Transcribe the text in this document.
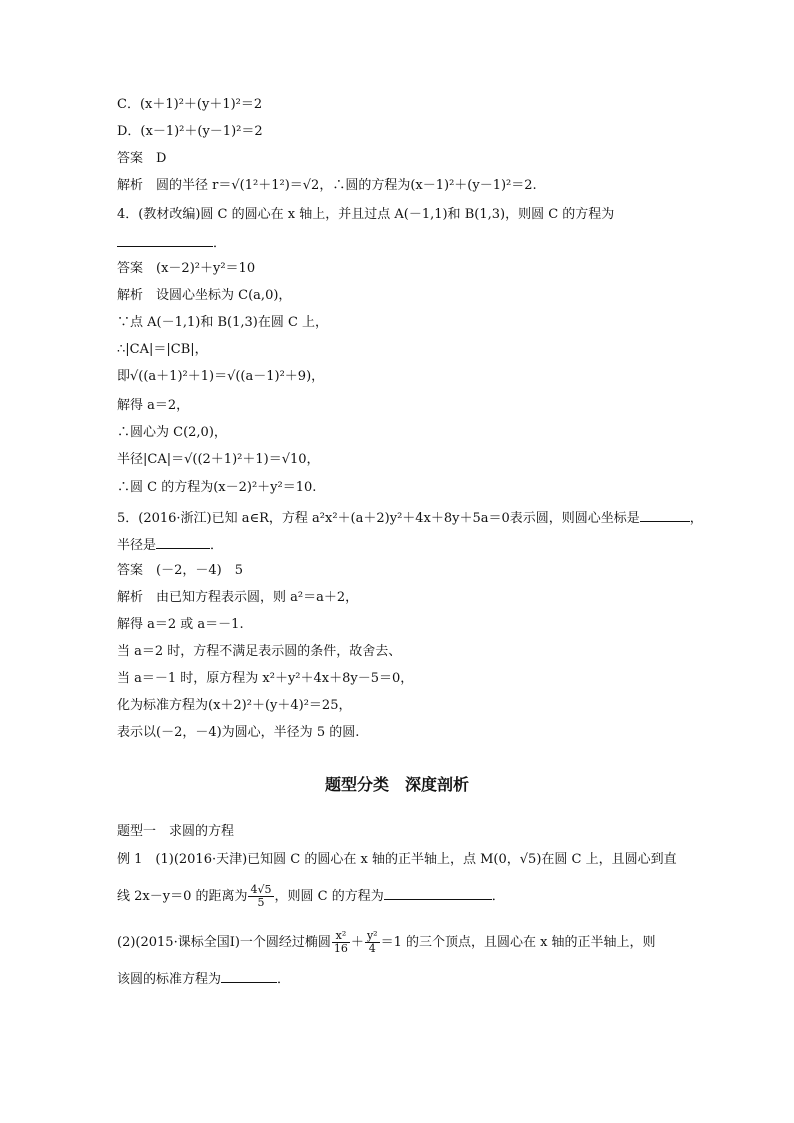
C．(x＋1)²＋(y＋1)²＝2
D．(x－1)²＋(y－1)²＝2
答案　 D
解析　 圆的半径 r＝√(1²＋1²)＝√2，∴圆的方程为(x－1)²＋(y－1)²＝2.
4．(教材改编)圆 C 的圆心在 x 轴上，并且过点 A(－1,1)和 B(1,3)，则圆 C 的方程为
．
答案　 (x－2)²＋y²＝10
解析　 设圆心坐标为 C(a,0)，
∵点 A(－1,1)和 B(1,3)在圆 C 上，
∴|CA|＝|CB|，
即√((a＋1)²＋1)＝√((a－1)²＋9)，
解得 a＝2，
∴圆心为 C(2,0)，
半径|CA|＝√((2＋1)²＋1)＝√10，
∴圆 C 的方程为(x－2)²＋y²＝10.
5．(2016·浙江)已知 a∈R，方程 a²x²＋(a＋2)y²＋4x＋8y＋5a＝0表示圆，则圆心坐标是	，
半径是	．
答案　 (－2，－4)　5
解析　 由已知方程表示圆，则 a²＝a＋2，
解得 a＝2 或 a＝－1.
当 a＝2 时，方程不满足表示圆的条件，故舍去、
当 a＝－1 时，原方程为 x²＋y²＋4x＋8y－5＝0，
化为标准方程为(x＋2)²＋(y＋4)²＝25，
表示以(－2，－4)为圆心，半径为 5 的圆.
题型分类　深度剖析
题型一　求圆的方程
例 1　(1)(2016·天津)已知圆 C 的圆心在 x 轴的正半轴上，点 M(0，√5)在圆 C 上，且圆心到直
线 2x－y＝0 的距离为 $\frac{4√5}{5}$ ，则圆 C 的方程为	．
(2)(2015·课标全国Ⅰ)一个圆经过椭圆 $\frac{\text{x²}}{16} + \frac{\text{y²}}{4} =1$ 的三个顶点，且圆心在 x 轴的正半轴上，则
该圆的标准方程为	．
